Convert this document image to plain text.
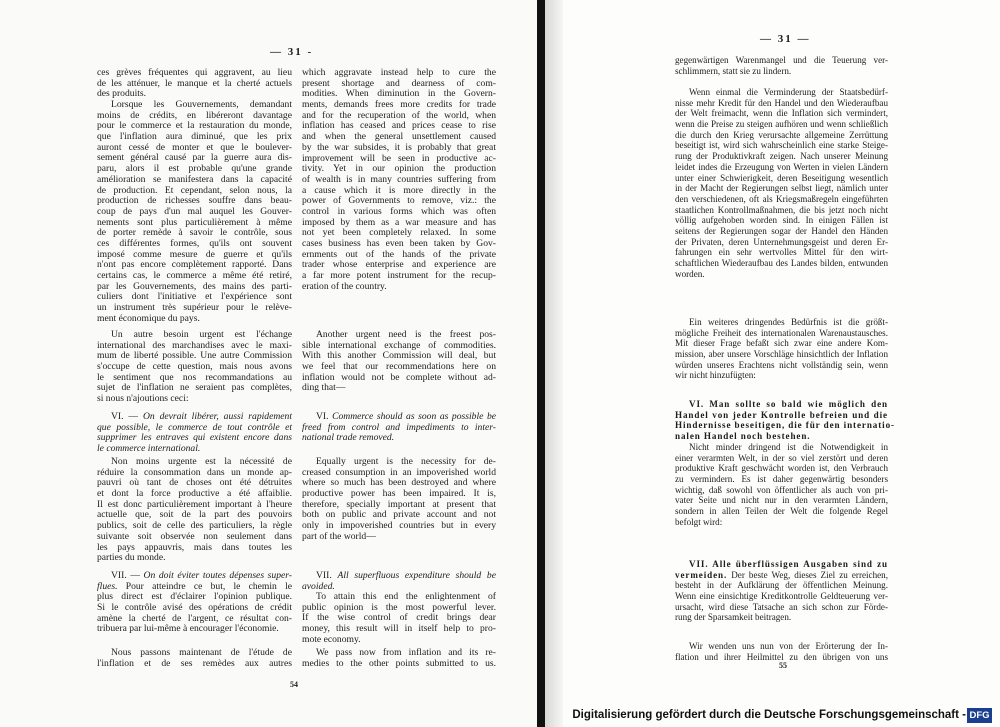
— 31 -
ces grèves fréquentes qui aggravent, au lieu
de les atténuer, le manque et la cherté actuels
des produits.
Lorsque les Gouvernements, demandant
moins de crédits, en libéreront davantage
pour le commerce et la restauration du monde,
que l'inflation aura diminué, que les prix
auront cessé de monter et que le boulever-
sement général causé par la guerre aura dis-
paru, alors il est probable qu'une grande
amélioration se manifestera dans la capacité
de production. Et cependant, selon nous, la
production de richesses souffre dans beau-
coup de pays d'un mal auquel les Gouver-
nements sont plus particulièrement à même
de porter remède à savoir le contrôle, sous
ces différentes formes, qu'ils ont souvent
imposé comme mesure de guerre et qu'ils
n'ont pas encore complètement rapporté. Dans
certains cas, le commerce a même été retiré,
par les Gouvernements, des mains des parti-
culiers dont l'initiative et l'expérience sont
un instrument très supérieur pour le relève-
ment économique du pays.
Un autre besoin urgent est l'échange
international des marchandises avec le maxi-
mum de liberté possible. Une autre Commission
s'occupe de cette question, mais nous avons
le sentiment que nos recommandations au
sujet de l'inflation ne seraient pas complètes,
si nous n'ajoutions ceci:
VI. — On devrait libérer, aussi rapidement
que possible, le commerce de tout contrôle et
supprimer les entraves qui existent encore dans
le commerce international.
Non moins urgente est la nécessité de
réduire la consommation dans un monde ap-
pauvri où tant de choses ont été détruites
et dont la force productive a été affaiblie.
Il est donc particulièrement important à l'heure
actuelle que, soit de la part des pouvoirs
publics, soit de celle des particuliers, la règle
suivante soit observée non seulement dans
les pays appauvris, mais dans toutes les
parties du monde.
VII. — On doit éviter toutes dépenses super-
flues. Pour atteindre ce but, le chemin le
plus direct est d'éclairer l'opinion publique.
Si le contrôle avisé des opérations de crédit
amène la cherté de l'argent, ce résultat con-
tribuera par lui-même à encourager l'économie.
Nous passons maintenant de l'étude de
l'inflation et de ses remèdes aux autres
which aggravate instead help to cure the
present shortage and dearness of com-
modities. When diminution in the Govern-
ments, demands frees more credits for trade
and for the recuperation of the world, when
inflation has ceased and prices cease to rise
and when the general unsettlement caused
by the war subsides, it is probably that great
improvement will be seen in productive ac-
tivity. Yet in our opinion the production
of wealth is in many countries suffering from
a cause which it is more directly in the
power of Governments to remove, viz.: the
control in various forms which was often
imposed by them as a war measure and has
not yet been completely relaxed. In some
cases business has even been taken by Gov-
ernments out of the hands of the private
trader whose enterprise and experience are
a far more potent instrument for the recup-
eration of the country.
Another urgent need is the freest pos-
sible international exchange of commodities.
With this another Commission will deal, but
we feel that our recommendations here on
inflation would not be complete without ad-
ding that—
VI. Commerce should as soon as possible be
freed from control and impediments to inter-
national trade removed.
Equally urgent is the necessity for de-
creased consumption in an impoverished world
where so much has been destroyed and where
productive power has been impaired. It is,
therefore, specially important at present that
both on public and private account and not
only in impoverished countries but in every
part of the world—
VII. All superfluous expenditure should be
avoided.
To attain this end the enlightenment of
public opinion is the most powerful lever.
If the wise control of credit brings dear
money, this result will in itself help to pro-
mote economy.
We pass now from inflation and its re-
medies to the other points submitted to us.
54
— 31 —
gegenwärtigen Warenmangel und die Teuerung ver-
schlimmern, statt sie zu lindern.
Wenn einmal die Verminderung der Staatsbedürf-
nisse mehr Kredit für den Handel und den Wiederaufbau
der Welt freimacht, wenn die Inflation sich vermindert,
wenn die Preise zu steigen aufhören und wenn schließlich
die durch den Krieg verursachte allgemeine Zerrüttung
beseitigt ist, wird sich wahrscheinlich eine starke Steige-
rung der Produktivkraft zeigen. Nach unserer Meinung
leidet indes die Erzeugung von Werten in vielen Ländern
unter einer Schwierigkeit, deren Beseitigung wesentlich
in der Macht der Regierungen selbst liegt, nämlich unter
den verschiedenen, oft als Kriegsmaßregeln eingeführten
staatlichen Kontrollmaßnahmen, die bis jetzt noch nicht
völlig aufgehoben worden sind. In einigen Fällen ist
seitens der Regierungen sogar der Handel den Händen
der Privaten, deren Unternehmungsgeist und deren Er-
fahrungen ein sehr wertvolles Mittel für den wirt-
schaftlichen Wiederaufbau des Landes bilden, entwunden
worden.
Ein weiteres dringendes Bedürfnis ist die größt-
mögliche Freiheit des internationalen Warenaustausches.
Mit dieser Frage befaßt sich zwar eine andere Kom-
mission, aber unsere Vorschläge hinsichtlich der Inflation
würden unseres Erachtens nicht vollständig sein, wenn
wir nicht hinzufügten:
VI. Man sollte so bald wie möglich den
Handel von jeder Kontrolle befreien und die
Hindernisse beseitigen, die für den internatio-
nalen Handel noch bestehen.
Nicht minder dringend ist die Notwendigkeit in
einer verarmten Welt, in der so viel zerstört und deren
produktive Kraft geschwächt worden ist, den Verbrauch
zu vermindern. Es ist daher gegenwärtig besonders
wichtig, daß sowohl von öffentlicher als auch von pri-
vater Seite und nicht nur in den verarmten Ländern,
sondern in allen Teilen der Welt die folgende Regel
befolgt wird:
VII. Alle überflüssigen Ausgaben sind zu
vermeiden. Der beste Weg, dieses Ziel zu erreichen,
besteht in der Aufklärung der öffentlichen Meinung.
Wenn eine einsichtige Kreditkontrolle Geldteuerung ver-
ursacht, wird diese Tatsache an sich schon zur Förde-
rung der Sparsamkeit beitragen.
Wir wenden uns nun von der Erörterung der In-
flation und ihrer Heilmittel zu den übrigen von uns
55
Digitalisierung gefördert durch die Deutsche Forschungsgemeinschaft - DFG
